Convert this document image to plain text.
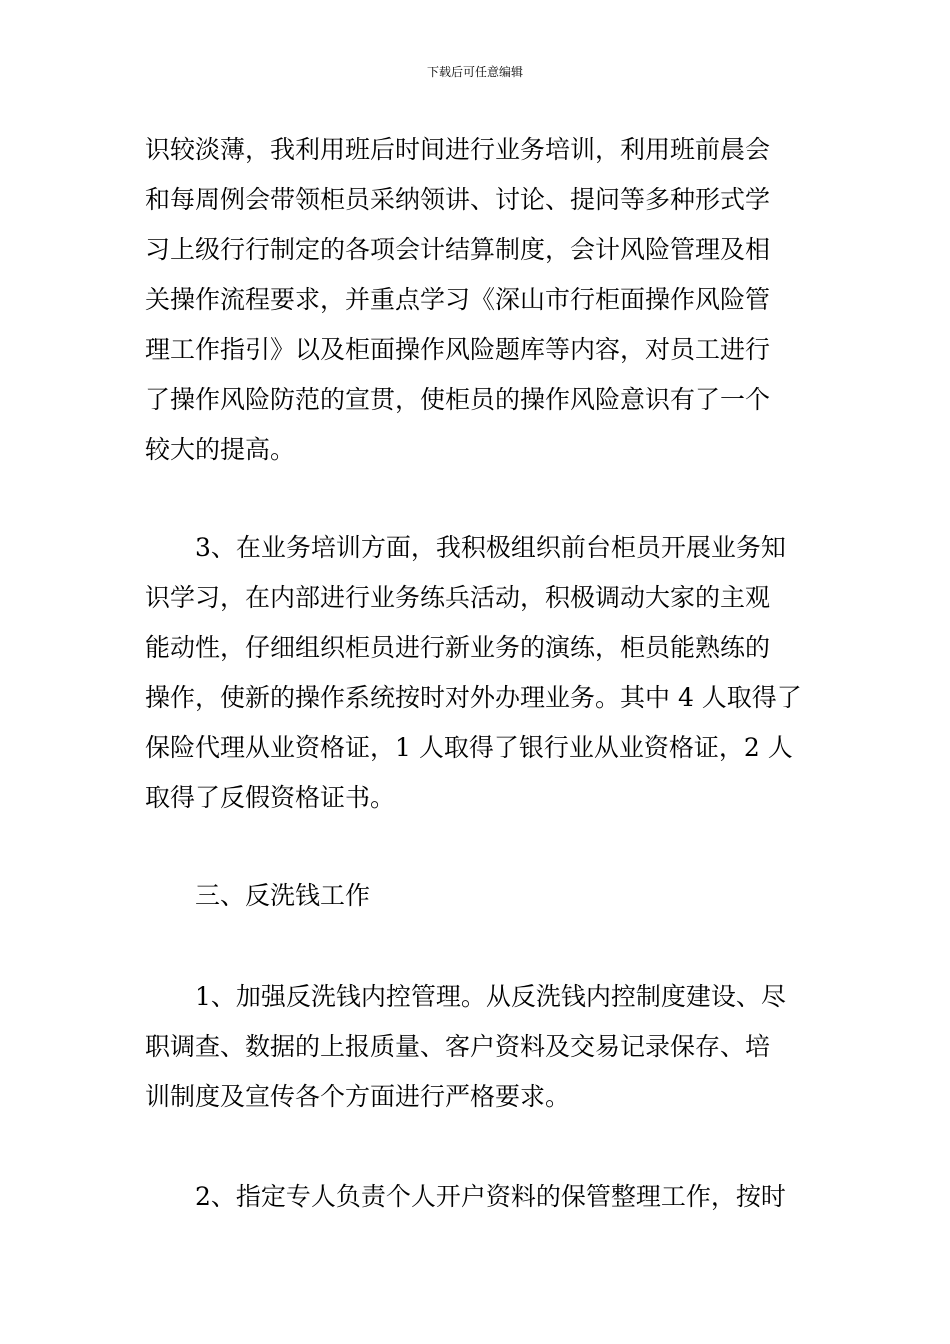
下载后可任意编辑
识较淡薄，我利用班后时间进行业务培训，利用班前晨会
和每周例会带领柜员采纳领讲、讨论、提问等多种形式学
习上级行行制定的各项会计结算制度，会计风险管理及相
关操作流程要求，并重点学习《深山市行柜面操作风险管
理工作指引》以及柜面操作风险题库等内容，对员工进行
了操作风险防范的宣贯，使柜员的操作风险意识有了一个
较大的提高。
3、在业务培训方面，我积极组织前台柜员开展业务知
识学习，在内部进行业务练兵活动，积极调动大家的主观
能动性，仔细组织柜员进行新业务的演练，柜员能熟练的
操作，使新的操作系统按时对外办理业务。其中 4 人取得了
保险代理从业资格证，1 人取得了银行业从业资格证，2 人
取得了反假资格证书。
三、反洗钱工作
1、加强反洗钱内控管理。从反洗钱内控制度建设、尽
职调查、数据的上报质量、客户资料及交易记录保存、培
训制度及宣传各个方面进行严格要求。
2、指定专人负责个人开户资料的保管整理工作，按时
